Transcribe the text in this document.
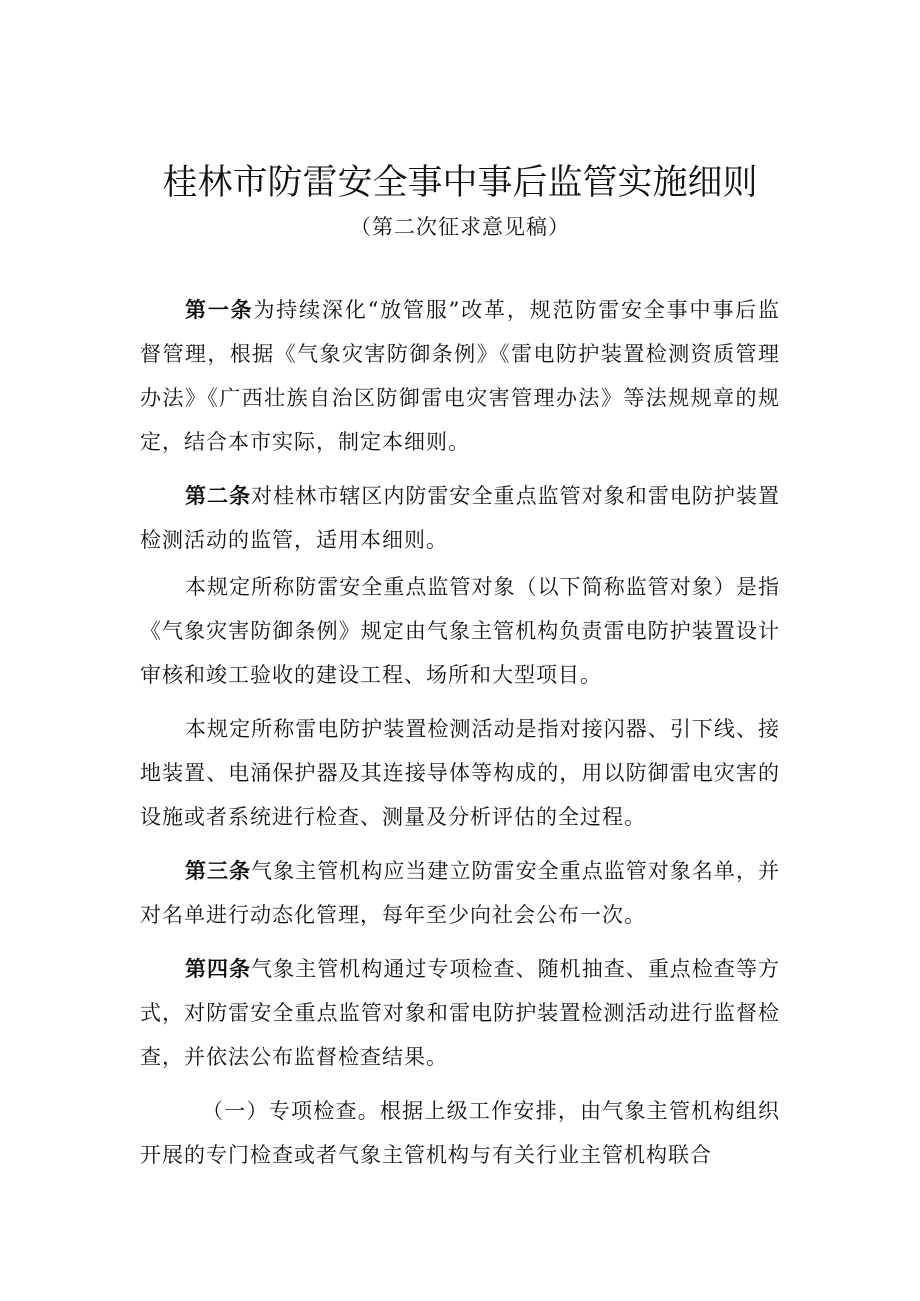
桂林市防雷安全事中事后监管实施细则
（第二次征求意见稿）

第一条为持续深化“放管服”改革，规范防雷安全事中事后监督管理，根据《气象灾害防御条例》《雷电防护装置检测资质管理办法》《广西壮族自治区防御雷电灾害管理办法》等法规规章的规定，结合本市实际，制定本细则。

第二条对桂林市辖区内防雷安全重点监管对象和雷电防护装置检测活动的监管，适用本细则。

本规定所称防雷安全重点监管对象（以下简称监管对象）是指《气象灾害防御条例》规定由气象主管机构负责雷电防护装置设计审核和竣工验收的建设工程、场所和大型项目。

本规定所称雷电防护装置检测活动是指对接闪器、引下线、接地装置、电涌保护器及其连接导体等构成的，用以防御雷电灾害的设施或者系统进行检查、测量及分析评估的全过程。

第三条气象主管机构应当建立防雷安全重点监管对象名单，并对名单进行动态化管理，每年至少向社会公布一次。

第四条气象主管机构通过专项检查、随机抽查、重点检查等方式，对防雷安全重点监管对象和雷电防护装置检测活动进行监督检查，并依法公布监督检查结果。

（一）专项检查。根据上级工作安排，由气象主管机构组织开展的专门检查或者气象主管机构与有关行业主管机构联合
